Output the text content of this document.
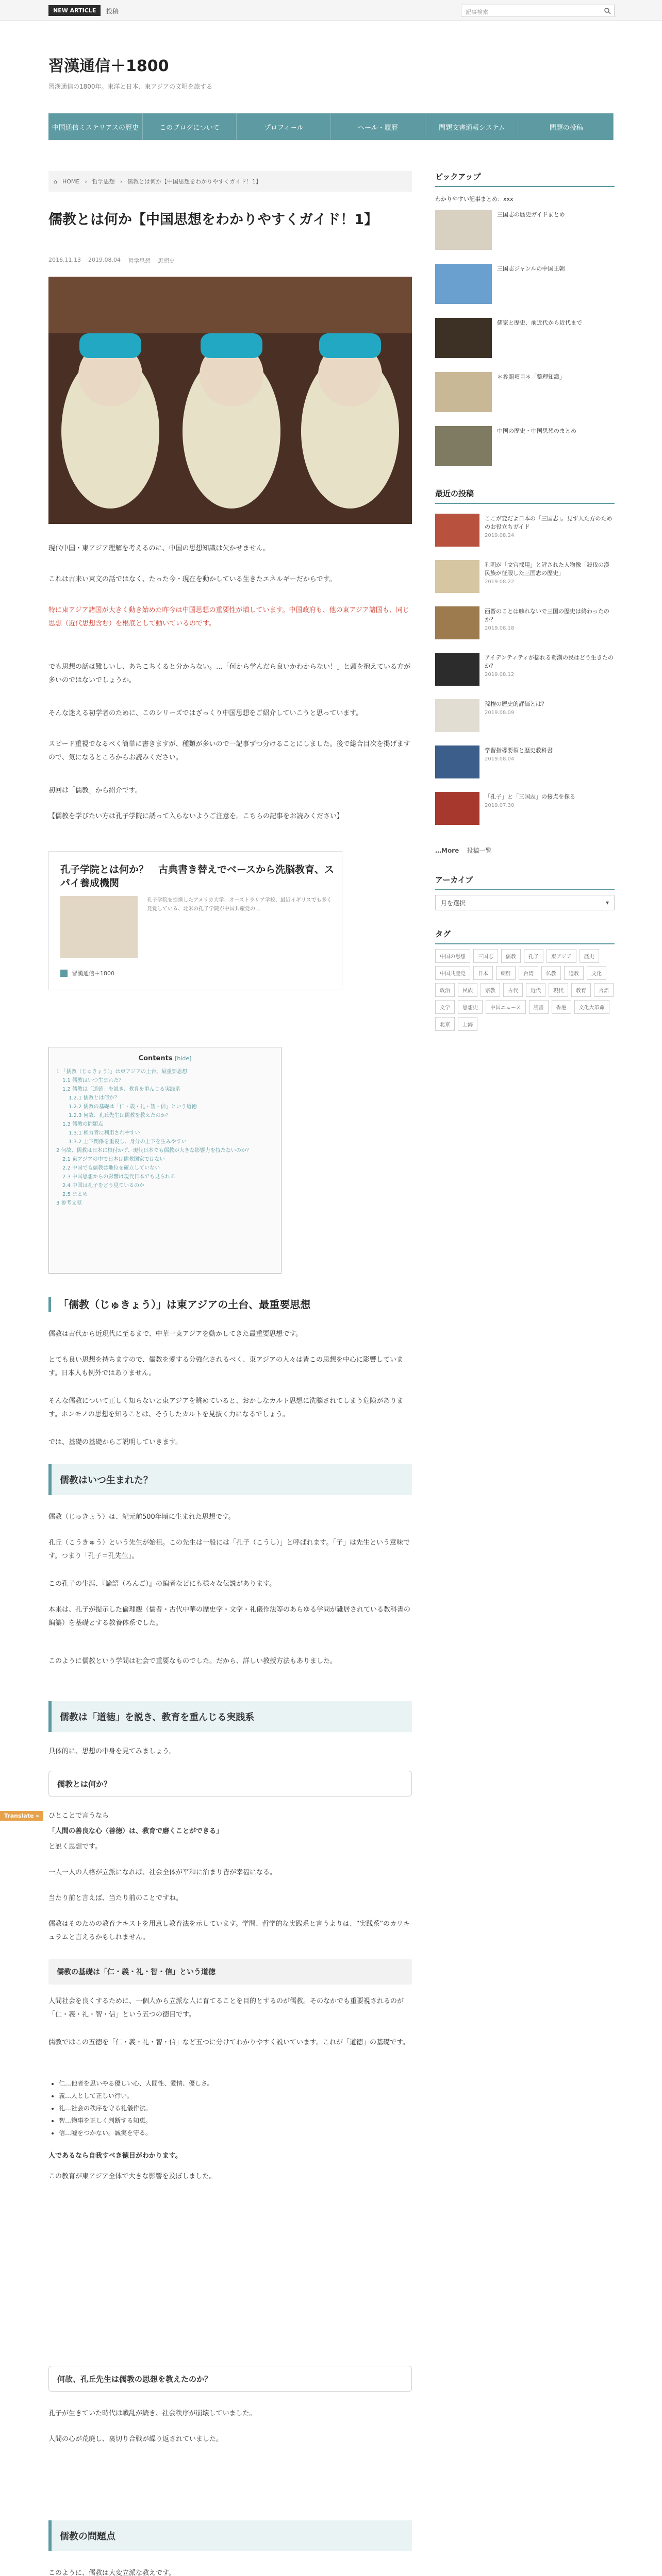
NEW ARTICLE	投稿	記事検索
習漢通信＋1800
習漢通信の1800年。東洋と日本、東アジアの文明を旅する
中国通信ミステリアスの歴史	このブログについて	プロフィール	ヘール・履歴	問題文書通報システム	問題の投稿
⌂ HOME › 哲学思想 › 儒教とは何か【中国思想をわかりやすくガイド！1】
儒教とは何か【中国思想をわかりやすくガイド！1】
2016.11.13 2019.08.04 哲学思想 思想史

現代中国・東アジア理解を考えるのに、中国の思想知識は欠かせません。

これは古来い東文の話ではなく、たった今・現在を動かしている生きたエネルギーだからです。

特に東アジア諸国が大きく動き始めた昨今は中国思想の重要性が増しています。中国政府も、他の東アジア諸国も、同じ思想（近代思想含む）を根底として動いているのです。

でも思想の話は難しいし、あちこちくると分からない。…「何から学んだら良いかわからない！」と頭を抱えている方が多いのではないでしょうか。

そんな迷える初学者のために、このシリーズではざっくり中国思想をご紹介していこうと思っています。

スピード重視でなるべく簡単に書きますが、種類が多いので一記事ずつ分けることにしました。後で総合目次を掲げますので、気になるところからお読みください。

初回は「儒教」から紹介です。

【儒教を学びたい方は孔子学院に誘って入らないようご注意を。こちらの記事をお読みください】

孔子学院とは何か？　古典書き替えでベースから洗脳教育、スパイ養成機関
孔子学院を提携したアメリカ大学、オーストラリア学校、最近イギリスでも多く発覚している、北米の孔子学院が中国共産党の…
習漢通信＋1800
Contents [hide]
1 「儒教（じゅきょう）」は東アジアの土台、最重要思想
1.1 儒教はいつ生まれた？
1.2 儒教は「道徳」を説き、教育を重んじる実践系
1.2.1 儒教とは何か？
1.2.2 儒教の基礎は「仁・義・礼・智・信」という道徳
1.2.3 何故、孔丘先生は儒教を教えたのか？
1.3 儒教の問題点
1.3.1 権力者に利用されやすい
1.3.2 上下関係を重視し、身分の上下を生みやすい
2 何故、儒教は日本に根付かず、現代日本でも儒教が大きな影響力を持たないのか？
2.1 東アジアの中で日本は儒教国家ではない
2.2 中国でも儒教は地位を確立していない
2.3 中国思想からの影響は現代日本でも見られる
2.4 中国は孔子をどう見ているのか
2.5 まとめ
3 参考文献
「儒教（じゅきょう）」は東アジアの土台、最重要思想

儒教は古代から近現代に至るまで、中華一東アジアを動かしてきた最重要思想です。

とても良い思想を持ちますので、儒教を愛する分強化されるべく、東アジアの人々は皆この思想を中心に影響しています。日本人も例外ではありません。

そんな儒教について正しく知らないと東アジアを眺めていると、おかしなカルト思想に洗脳されてしまう危険があります。ホンモノの思想を知ることは、そうしたカルトを見抜く力になるでしょう。

では、基礎の基礎からご説明していきます。

儒教はいつ生まれた？

儒教（じゅきょう）は、紀元前500年頃に生まれた思想です。

孔丘（こうきゅう）という先生が始祖。この先生は一般には「孔子（こうし）」と呼ばれます。「子」は先生という意味です。つまり「孔子＝孔先生」。

この孔子の生涯、『論語（ろんご）』の編者などにも様々な伝説があります。

本来は、孔子が提示した倫理観（儒者・古代中華の歴史学・文学・礼儀作法等のあらゆる学問が雑居されている教科書の編纂）を基礎とする教養体系でした。

このように儒教という学問は社会で重要なものでした。だから、詳しい教授方法もありました。

儒教は「道徳」を説き、教育を重んじる実践系

具体的に、思想の中身を見てみましょう。

儒教とは何か？

ひとことで言うなら

「人間の善良な心（善徳）は、教育で磨くことができる」

と説く思想です。

一人一人の人格が立派になれば、社会全体が平和に治まり皆が幸福になる。

当たり前と言えば、当たり前のことですね。

儒教はそのための教育テキストを用意し教育法を示しています。学問、哲学的な実践系と言うよりは、“実践系”のカリキュラムと言えるかもしれません。

儒教の基礎は「仁・義・礼・智・信」という道徳

人間社会を良くするために、一個人から立派な人に育てることを目的とするのが儒教。そのなかでも重要視されるのが「仁・義・礼・智・信」という五つの徳目です。

儒教ではこの五徳を「仁・義・礼・智・信」など五つに分けてわかりやすく説いています。これが「道徳」の基礎です。

• 仁…他者を思いやる優しい心、人間性、愛情、優しさ。
• 義…人として正しい行い。
• 礼…社会の秩序を守る礼儀作法。
• 智…物事を正しく判断する知恵。
• 信…嘘をつかない。誠実を守る。

人であるなら自我すべき徳目がわかります。

この教育が東アジア全体で大きな影響を及ぼしました。

何故、孔丘先生は儒教の思想を教えたのか？

孔子が生きていた時代は戦乱が続き、社会秩序が崩壊していました。

人間の心が荒廃し、裏切り合戦が繰り返されていました。

儒教の問題点

このように、儒教は大変立派な教えです。

ピックアップ
わかりやすい記事まとめ：xxx
三国志の歴史ガイドまとめ
三国志ジャンルの中国王朝
儒家と歴史、前近代から近代まで
＊参照項目＊「整理知識」
中国の歴史・中国思想のまとめ
最近の投稿
ここが変だよ日本の「三国志」。見ず人た方のためのお役立ちガイド
2019.08.24
孔明が「文官採用」と評された人物像「殺伐の漢民族が征服した三国志の歴史」
2019.08.22
西晋のことは触れないで三国の歴史は終わったのか？
2019.08.18
アイデンティティが揺れる蜀漢の民はどう生きたのか？
2019.08.12
孫権の歴史的評価とは？
2019.08.09
学習指導要領と歴史教科書
2019.08.04
「孔子」と「三国志」の接点を探る
2019.07.30
…More 投稿一覧
アーカイブ
月を選択	▾
タグ
中国の思想	三国志	儒教	孔子	東アジア	歴史
中国共産党	日本	朝鮮	台湾	仏教	道教	文化
政治	民族	宗教	古代	近代	現代	教育	言語
文学	思想史	中国ニュース	読書	香港	文化大革命
北京	上海
Translate »
